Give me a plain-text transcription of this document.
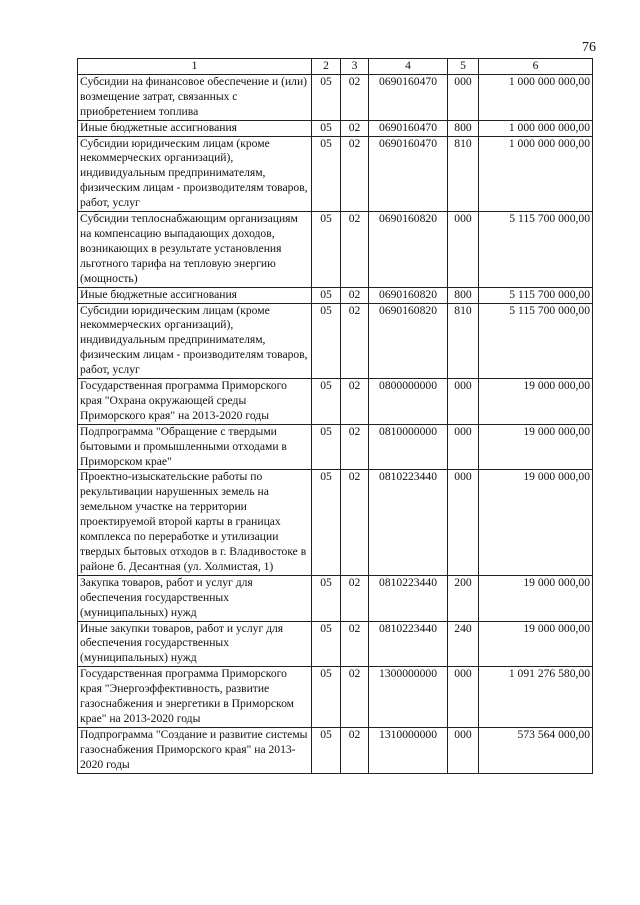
76
1	2	3	4	5	6
Субсидии на финансовое обеспечение и (или) возмещение затрат, связанных с приобретением топлива	05	02	0690160470	000	1 000 000 000,00
Иные бюджетные ассигнования	05	02	0690160470	800	1 000 000 000,00
Субсидии юридическим лицам (кроме некоммерческих организаций), индивидуальным предпринимателям, физическим лицам - производителям товаров, работ, услуг	05	02	0690160470	810	1 000 000 000,00
Субсидии теплоснабжающим организациям на компенсацию выпадающих доходов, возникающих в результате установления льготного тарифа на тепловую энергию (мощность)	05	02	0690160820	000	5 115 700 000,00
Иные бюджетные ассигнования	05	02	0690160820	800	5 115 700 000,00
Субсидии юридическим лицам (кроме некоммерческих организаций), индивидуальным предпринимателям, физическим лицам - производителям товаров, работ, услуг	05	02	0690160820	810	5 115 700 000,00
Государственная программа Приморского края "Охрана окружающей среды Приморского края" на 2013-2020 годы	05	02	0800000000	000	19 000 000,00
Подпрограмма "Обращение с твердыми бытовыми и промышленными отходами в Приморском крае"	05	02	0810000000	000	19 000 000,00
Проектно-изыскательские работы по рекультивации нарушенных земель на земельном участке на территории проектируемой второй карты в границах комплекса по переработке и утилизации твердых бытовых отходов в г. Владивостоке в районе б. Десантная (ул. Холмистая, 1)	05	02	0810223440	000	19 000 000,00
Закупка товаров, работ и услуг для обеспечения государственных (муниципальных) нужд	05	02	0810223440	200	19 000 000,00
Иные закупки товаров, работ и услуг для обеспечения государственных (муниципальных) нужд	05	02	0810223440	240	19 000 000,00
Государственная программа Приморского края "Энергоэффективность, развитие газоснабжения и энергетики в Приморском крае" на 2013-2020 годы	05	02	1300000000	000	1 091 276 580,00
Подпрограмма "Создание и развитие системы газоснабжения Приморского края" на 2013-2020 годы	05	02	1310000000	000	573 564 000,00
